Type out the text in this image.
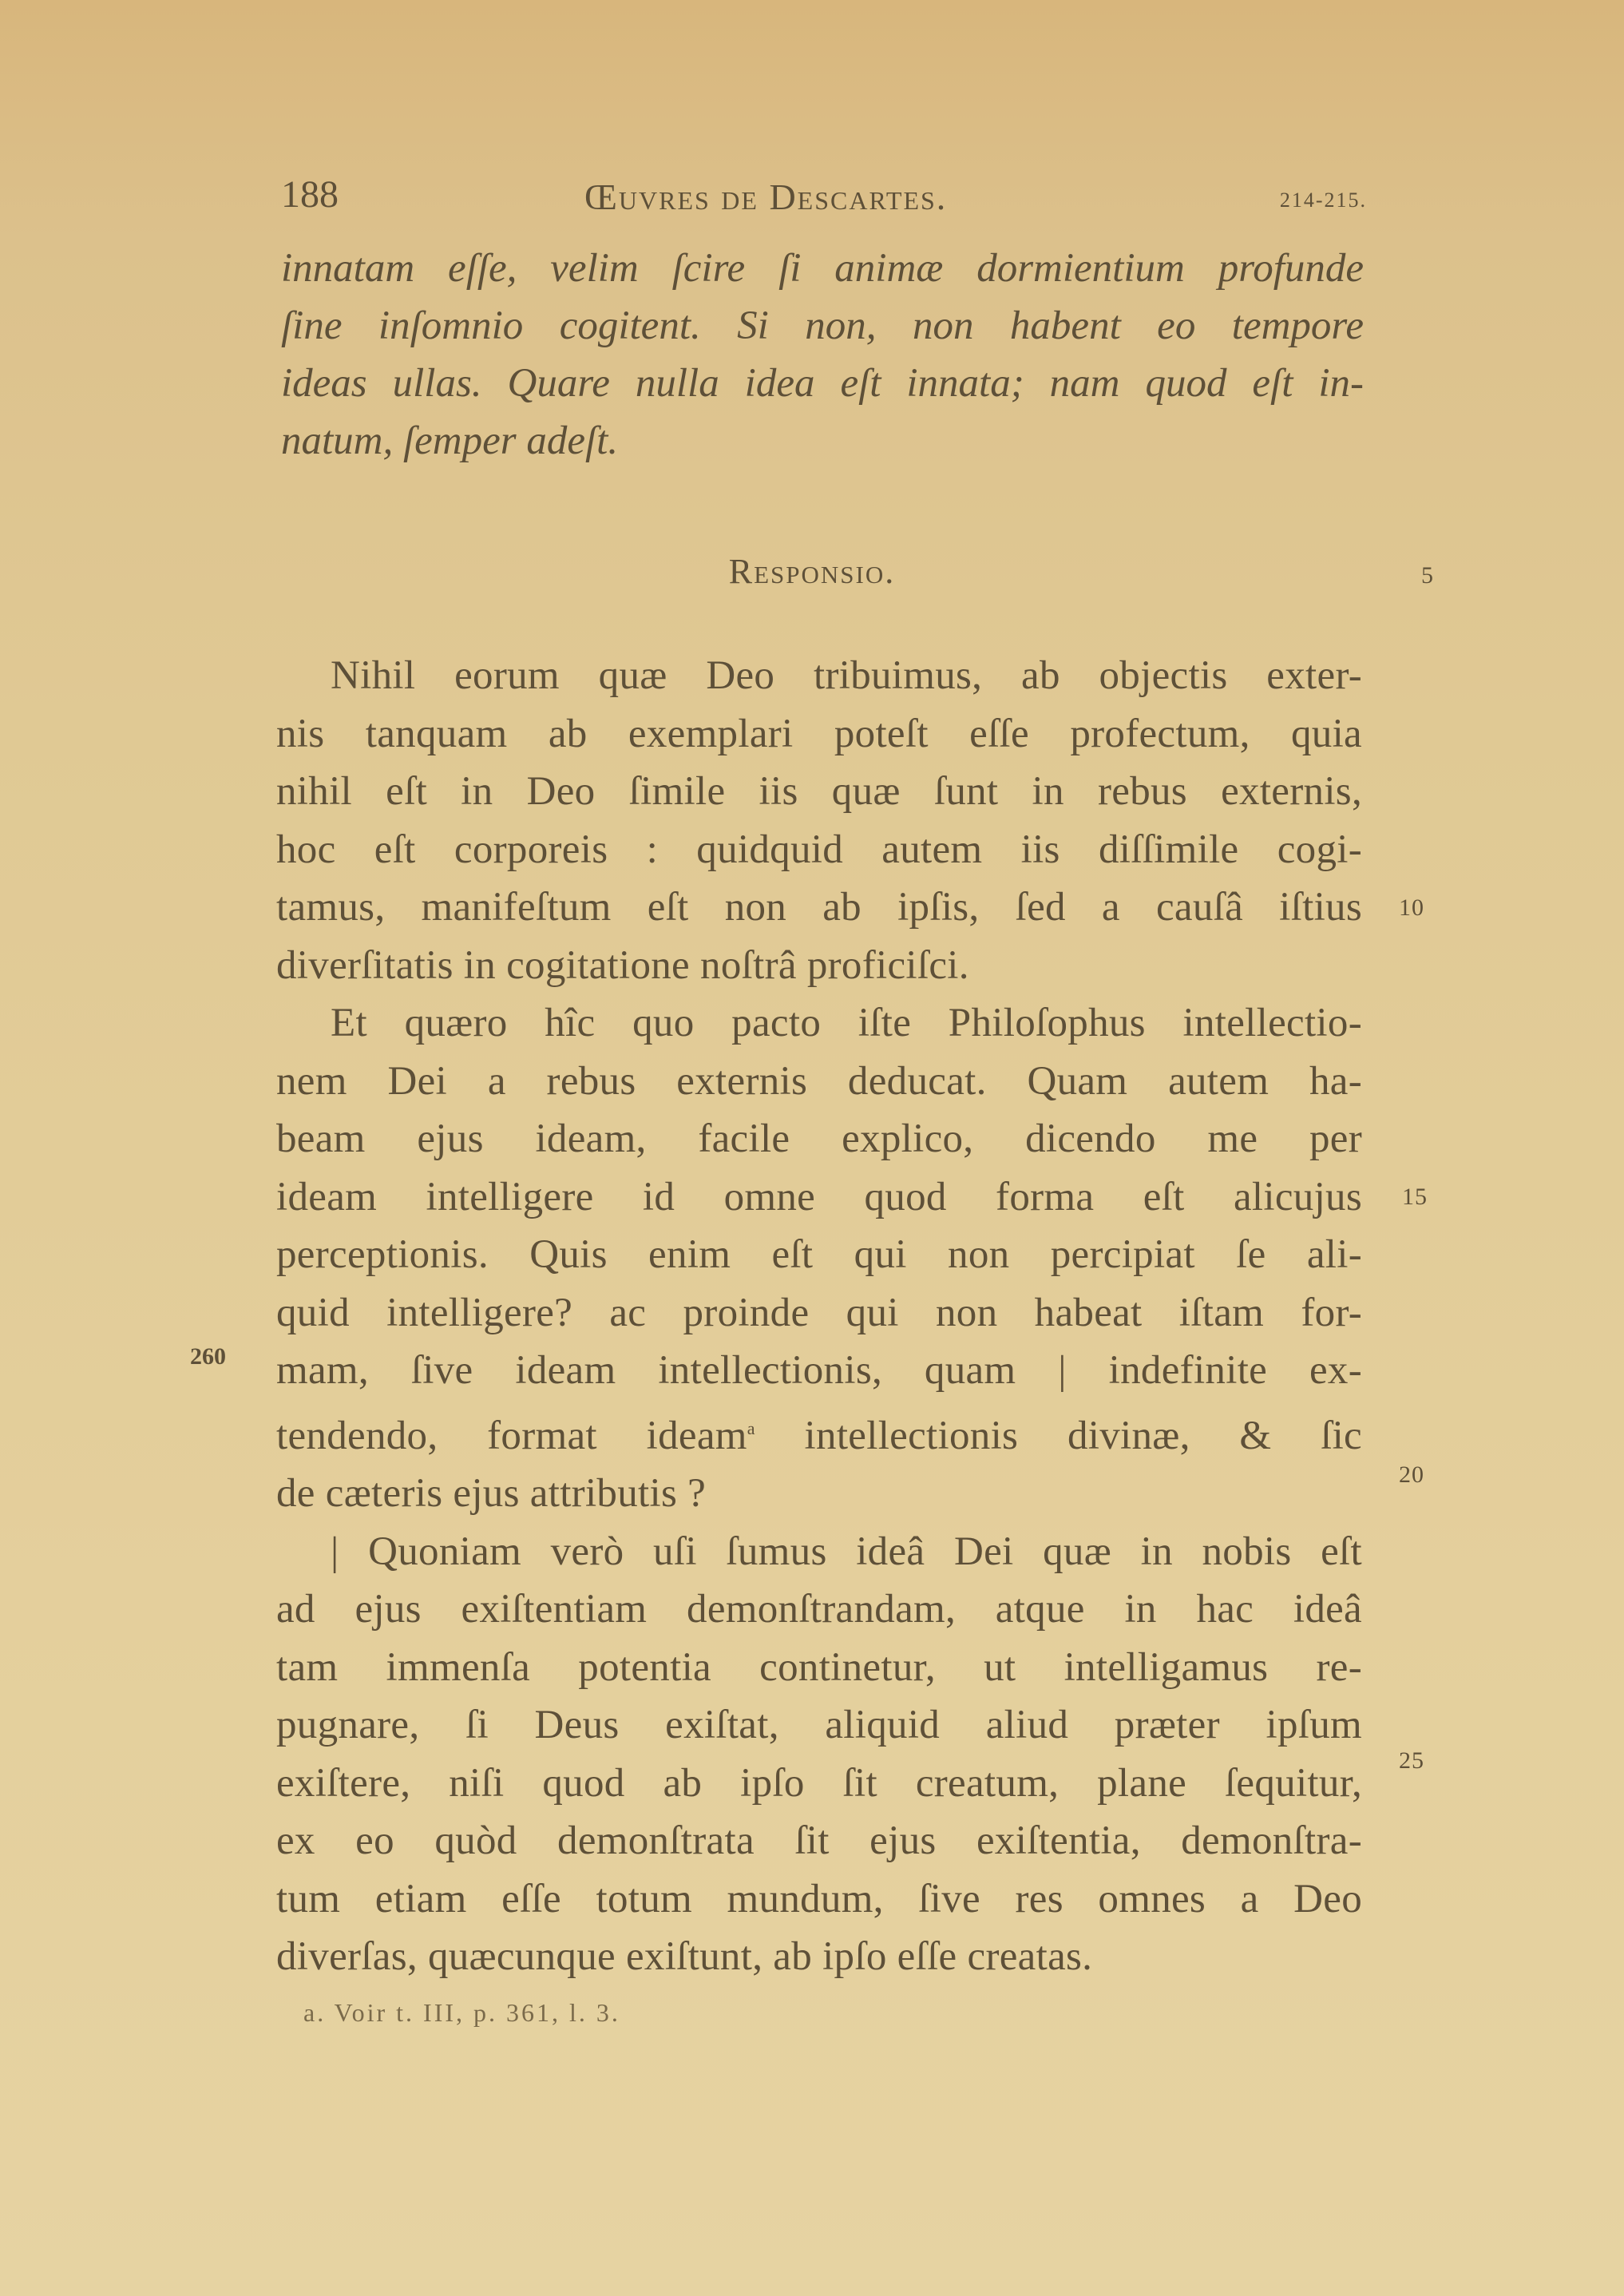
188	Œuvres de Descartes.	214-215.

innatam eſſe, velim ſcire ſi animæ dormientium profunde
ſine inſomnio cogitent. Si non, non habent eo tempore
ideas ullas. Quare nulla idea eſt innata; nam quod eſt in-
natum, ſemper adeſt.

Responsio.	5

Nihil eorum quæ Deo tribuimus, ab objectis exter-
nis tanquam ab exemplari poteſt eſſe profectum, quia
nihil eſt in Deo ſimile iis quæ ſunt in rebus externis,
hoc eſt corporeis : quidquid autem iis diſſimile cogi-
tamus, manifeſtum eſt non ab ipſis, ſed a cauſâ iſtius
diverſitatis in cogitatione noſtrâ proficiſci.

Et quæro hîc quo pacto iſte Philoſophus intellectio-
nem Dei a rebus externis deducat. Quam autem ha-
beam ejus ideam, facile explico, dicendo me per
ideam intelligere id omne quod forma eſt alicujus
perceptionis. Quis enim eſt qui non percipiat ſe ali-
quid intelligere? ac proinde qui non habeat iſtam for-
mam, ſive ideam intellectionis, quam | indefinite ex-
tendendo, format ideam$^a$ intellectionis divinæ, & ſic
de cæteris ejus attributis ?

| Quoniam verò uſi ſumus ideâ Dei quæ in nobis eſt
ad ejus exiſtentiam demonſtrandam, atque in hac ideâ
tam immenſa potentia continetur, ut intelligamus re-
pugnare, ſi Deus exiſtat, aliquid aliud præter ipſum
exiſtere, niſi quod ab ipſo ſit creatum, plane ſequitur,
ex eo quòd demonſtrata ſit ejus exiſtentia, demonſtra-
tum etiam eſſe totum mundum, ſive res omnes a Deo
diverſas, quæcunque exiſtunt, ab ipſo eſſe creatas.

10
15
20
25
260
a. Voir t. III, p. 361, l. 3.
